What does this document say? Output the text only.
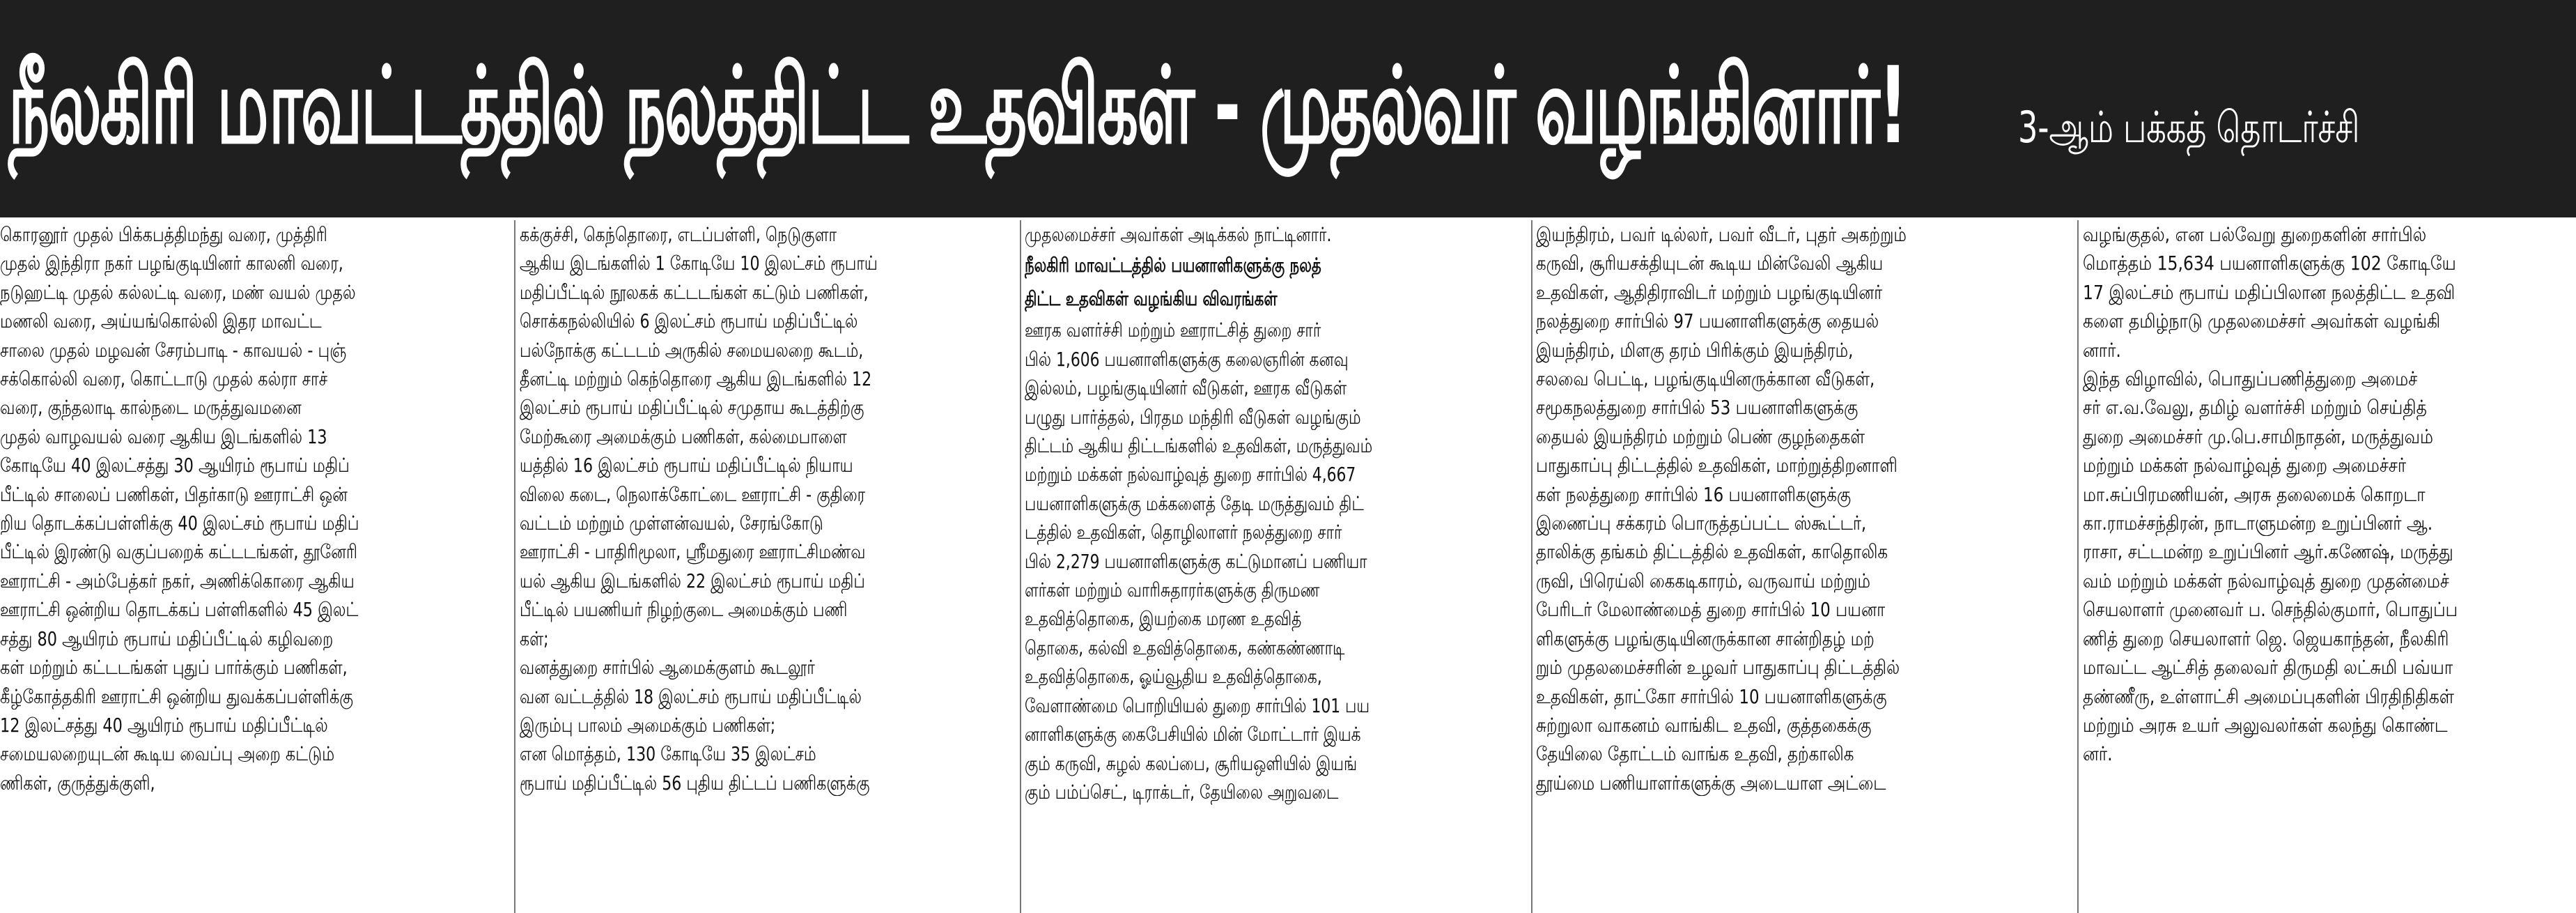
நீலகிரி மாவட்டத்தில் நலத்திட்ட உதவிகள் - முதல்வர் வழங்கினார்!	3-ஆம் பக்கத் தொடர்ச்சி
கொரனூர் முதல் பிக்கபத்திமந்து வரை, முத்திரி
முதல் இந்திரா நகர் பழங்குடியினர் காலனி வரை,
நடுஹட்டி முதல் கல்லட்டி வரை, மண் வயல் முதல்
மணலி வரை, அய்யங்கொல்லி இதர மாவட்ட
சாலை முதல் மழவன் சேரம்பாடி - காவயல் - புஞ்
சக்கொல்லி வரை, கொட்டாடு முதல் கல்ரா சாச்
வரை, குந்தலாடி கால்நடை மருத்துவமனை
முதல் வாழவயல் வரை ஆகிய இடங்களில் 13
கோடியே 40 இலட்சத்து 30 ஆயிரம் ரூபாய் மதிப்
பீட்டில் சாலைப் பணிகள், பிதர்காடு ஊராட்சி ஒன்
றிய தொடக்கப்பள்ளிக்கு 40 இலட்சம் ரூபாய் மதிப்
பீட்டில் இரண்டு வகுப்பறைக் கட்டடங்கள், தூனேரி
ஊராட்சி - அம்பேத்கர் நகர், அணிக்கொரை ஆகிய
ஊராட்சி ஒன்றிய தொடக்கப் பள்ளிகளில் 45 இலட்
சத்து 80 ஆயிரம் ரூபாய் மதிப்பீட்டில் கழிவறை
கள் மற்றும் கட்டடங்கள் புதுப் பார்க்கும் பணிகள்,
கீழ்கோத்தகிரி ஊராட்சி ஒன்றிய துவக்கப்பள்ளிக்கு
12 இலட்சத்து 40 ஆயிரம் ரூபாய் மதிப்பீட்டில்
சமையலறையுடன் கூடிய வைப்பு அறை கட்டும்
ணிகள், குருத்துக்குளி,
கக்குச்சி, கெந்தொரை, எடப்பள்ளி, நெடுகுளா
ஆகிய இடங்களில் 1 கோடியே 10 இலட்சம் ரூபாய்
மதிப்பீட்டில் நூலகக் கட்டடங்கள் கட்டும் பணிகள்,
சொக்கநல்லியில் 6 இலட்சம் ரூபாய் மதிப்பீட்டில்
பல்நோக்கு கட்டடம் அருகில் சமையலறை கூடம்,
தீனட்டி மற்றும் கெந்தொரை ஆகிய இடங்களில் 12
இலட்சம் ரூபாய் மதிப்பீட்டில் சமுதாய கூடத்திற்கு
மேற்கூரை அமைக்கும் பணிகள், கல்மைபாளை
யத்தில் 16 இலட்சம் ரூபாய் மதிப்பீட்டில் நியாய
விலை கடை, நெலாக்கோட்டை ஊராட்சி - குதிரை
வட்டம் மற்றும் முள்ளன்வயல், சேரங்கோடு
ஊராட்சி - பாதிரிமூலா, ஸ்ரீமதுரை ஊராட்சிமண்வ
யல் ஆகிய இடங்களில் 22 இலட்சம் ரூபாய் மதிப்
பீட்டில் பயணியர் நிழற்குடை அமைக்கும் பணி
கள்;
வனத்துறை சார்பில் ஆமைக்குளம் கூடலூர்
வன வட்டத்தில் 18 இலட்சம் ரூபாய் மதிப்பீட்டில்
இரும்பு பாலம் அமைக்கும் பணிகள்;
என மொத்தம், 130 கோடியே 35 இலட்சம்
ரூபாய் மதிப்பீட்டில் 56 புதிய திட்டப் பணிகளுக்கு
முதலமைச்சர் அவர்கள் அடிக்கல் நாட்டினார்.
நீலகிரி மாவட்டத்தில் பயனாளிகளுக்கு நலத்
திட்ட உதவிகள் வழங்கிய விவரங்கள்
ஊரக வளர்ச்சி மற்றும் ஊராட்சித் துறை சார்
பில் 1,606 பயனாளிகளுக்கு கலைஞரின் கனவு
இல்லம், பழங்குடியினர் வீடுகள், ஊரக வீடுகள்
பழுது பார்த்தல், பிரதம மந்திரி வீடுகள் வழங்கும்
திட்டம் ஆகிய திட்டங்களில் உதவிகள், மருத்துவம்
மற்றும் மக்கள் நல்வாழ்வுத் துறை சார்பில் 4,667
பயனாளிகளுக்கு மக்களைத் தேடி மருத்துவம் திட்
டத்தில் உதவிகள், தொழிலாளர் நலத்துறை சார்
பில் 2,279 பயனாளிகளுக்கு கட்டுமானப் பணியா
ளர்கள் மற்றும் வாரிசுதாரர்களுக்கு திருமண
உதவித்தொகை, இயற்கை மரண உதவித்
தொகை, கல்வி உதவித்தொகை, கண்கண்ணாடி
உதவித்தொகை, ஓய்வூதிய உதவித்தொகை,
வேளாண்மை பொறியியல் துறை சார்பில் 101 பய
னாளிகளுக்கு கைபேசியில் மின் மோட்டார் இயக்
கும் கருவி, சுழல் கலப்பை, சூரியஒளியில் இயங்
கும் பம்ப்செட், டிராக்டர், தேயிலை அறுவடை
இயந்திரம், பவர் டில்லர், பவர் வீடர், புதர் அகற்றும்
கருவி, சூரியசக்தியுடன் கூடிய மின்வேலி ஆகிய
உதவிகள், ஆதிதிராவிடர் மற்றும் பழங்குடியினர்
நலத்துறை சார்பில் 97 பயனாளிகளுக்கு தையல்
இயந்திரம், மிளகு தரம் பிரிக்கும் இயந்திரம்,
சலவை பெட்டி, பழங்குடியினருக்கான வீடுகள்,
சமூகநலத்துறை சார்பில் 53 பயனாளிகளுக்கு
தையல் இயந்திரம் மற்றும் பெண் குழந்தைகள்
பாதுகாப்பு திட்டத்தில் உதவிகள், மாற்றுத்திறனாளி
கள் நலத்துறை சார்பில் 16 பயனாளிகளுக்கு
இணைப்பு சக்கரம் பொருத்தப்பட்ட ஸ்கூட்டர்,
தாலிக்கு தங்கம் திட்டத்தில் உதவிகள், காதொலிக
ருவி, பிரெய்லி கைகடிகாரம், வருவாய் மற்றும்
பேரிடர் மேலாண்மைத் துறை சார்பில் 10 பயனா
ளிகளுக்கு பழங்குடியினருக்கான சான்றிதழ் மற்
றும் முதலமைச்சரின் உழவர் பாதுகாப்பு திட்டத்தில்
உதவிகள், தாட்கோ சார்பில் 10 பயனாளிகளுக்கு
சுற்றுலா வாகனம் வாங்கிட உதவி, குத்தகைக்கு
தேயிலை தோட்டம் வாங்க உதவி, தற்காலிக
தூய்மை பணியாளர்களுக்கு அடையாள அட்டை
வழங்குதல், என பல்வேறு துறைகளின் சார்பில்
மொத்தம் 15,634 பயனாளிகளுக்கு 102 கோடியே
17 இலட்சம் ரூபாய் மதிப்பிலான நலத்திட்ட உதவி
களை தமிழ்நாடு முதலமைச்சர் அவர்கள் வழங்கி
னார்.
இந்த விழாவில், பொதுப்பணித்துறை அமைச்
சர் எ.வ.வேலு, தமிழ் வளர்ச்சி மற்றும் செய்தித்
துறை அமைச்சர் மு.பெ.சாமிநாதன், மருத்துவம்
மற்றும் மக்கள் நல்வாழ்வுத் துறை அமைச்சர்
மா.சுப்பிரமணியன், அரசு தலைமைக் கொறடா
கா.ராமச்சந்திரன், நாடாளுமன்ற உறுப்பினர் ஆ.
ராசா, சட்டமன்ற உறுப்பினர் ஆர்.கணேஷ், மருத்து
வம் மற்றும் மக்கள் நல்வாழ்வுத் துறை முதன்மைச்
செயலாளர் முனைவர் ப. செந்தில்குமார், பொதுப்ப
ணித் துறை செயலாளர் ஜெ. ஜெயகாந்தன், நீலகிரி
மாவட்ட ஆட்சித் தலைவர் திருமதி லட்சுமி பவ்யா
தண்ணீரு, உள்ளாட்சி அமைப்புகளின் பிரதிநிதிகள்
மற்றும் அரசு உயர் அலுவலர்கள் கலந்து கொண்ட
னர்.
